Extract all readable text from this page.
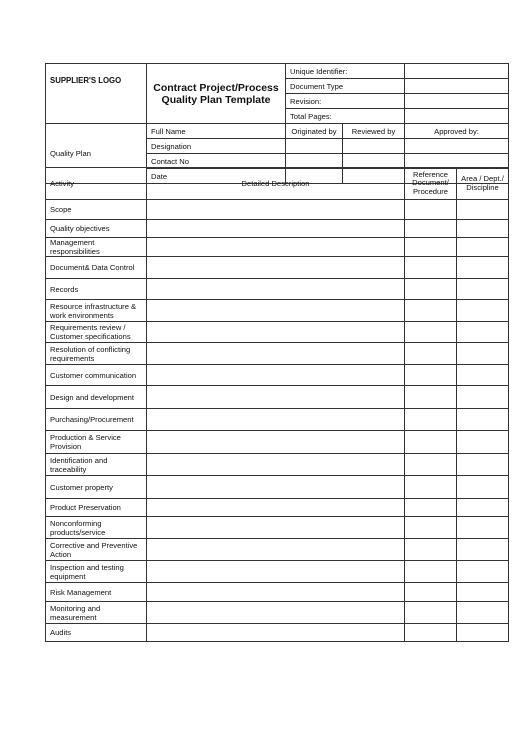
SUPPLIER'S LOGO	Contract Project/Process Quality Plan Template	Unique Identifier:		
		Document Type		
		Revision:		
		Total Pages:		
Quality Plan	Full Name	Originated by	Reviewed by	Approved by:
	Designation			
	Contact No			
	Date			
Activity	Detailed Description	Reference Document/ Procedure	Area / Dept./ Discipline
Scope			
Quality objectives			
Management responsibilities			
Document& Data Control			
Records			
Resource infrastructure & work environments			
Requirements review / Customer specifications			
Resolution of conflicting requirements			
Customer communication			
Design and development			
Purchasing/Procurement			
Production & Service Provision			
Identification and traceability			
Customer property			
Product Preservation			
Nonconforming products/service			
Corrective and Preventive Action			
Inspection and testing equipment			
Risk Management			
Monitoring and measurement			
Audits			
